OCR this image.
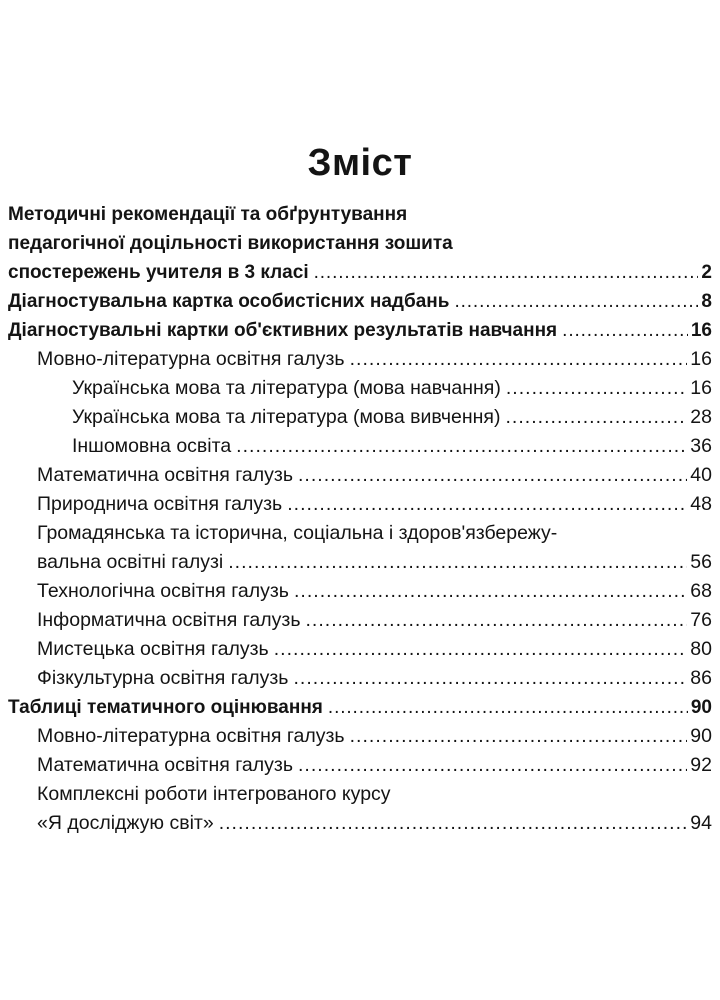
Зміст
Методичні рекомендації та обґрунтування
педагогічної доцільності використання зошита
спостережень учителя в 3 класі . . .	2
Діагностувальна картка особистісних надбань . . .	8
Діагностувальні картки об'єктивних результатів навчання . . .	16
Мовно-літературна освітня галузь . . .	16
Українська мова та література (мова навчання) . . .	16
Українська мова та література (мова вивчення) . . .	28
Іншомовна освіта . . .	36
Математична освітня галузь . . .	40
Природнича освітня галузь . . .	48
Громадянська та історична, соціальна і здоров'язбережу-
вальна освітні галузі . . .	56
Технологічна освітня галузь . . .	68
Інформатична освітня галузь . . .	76
Мистецька освітня галузь . . .	80
Фізкультурна освітня галузь . . .	86
Таблиці тематичного оцінювання . . .	90
Мовно-літературна освітня галузь . . .	90
Математична освітня галузь . . .	92
Комплексні роботи інтегрованого курсу
«Я досліджую світ» . . .	94
